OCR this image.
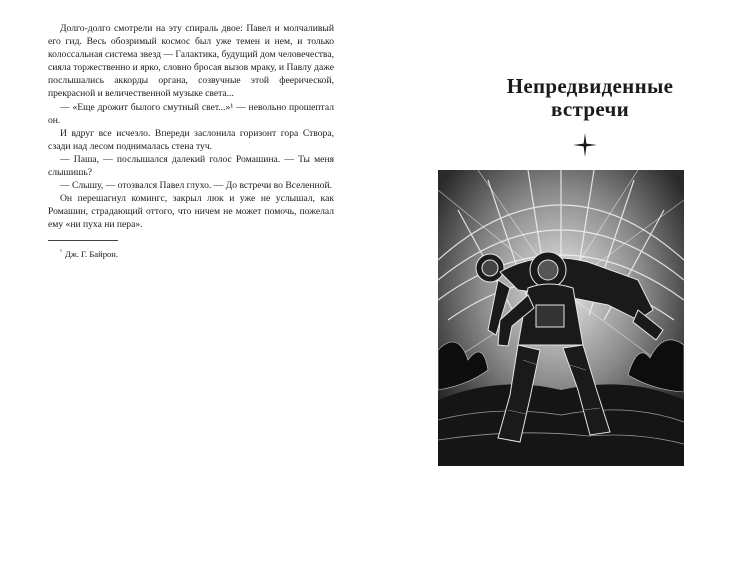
Долго-долго смотрели на эту спираль двое: Павел и молчаливый его гид. Весь обозримый космос был уже темен и нем, и только колоссальная система звезд — Галактика, будущий дом человечества, сияла торжественно и ярко, словно бросая вызов мраку, и Павлу даже послышались аккорды органа, созвучные этой феерической, прекрасной и величественной музыке света...

— «Еще дрожит былого смутный свет...»¹ — невольно прошептал он.

И вдруг все исчезло. Впереди заслонила горизонт гора Створа, сзади над лесом поднималась стена туч.

— Паша, — послышался далекий голос Ромашина. — Ты меня слышишь?

— Слышу, — отозвался Павел глухо. — До встречи во Вселенной.

Он перешагнул комингс, закрыл люк и уже не услышал, как Ромашин, страдающий оттого, что ничем не может помочь, пожелал ему «ни пуха ни пера».

$^{^1}$ Дж. Г. Байрон.
Непредвиденные
встречи
